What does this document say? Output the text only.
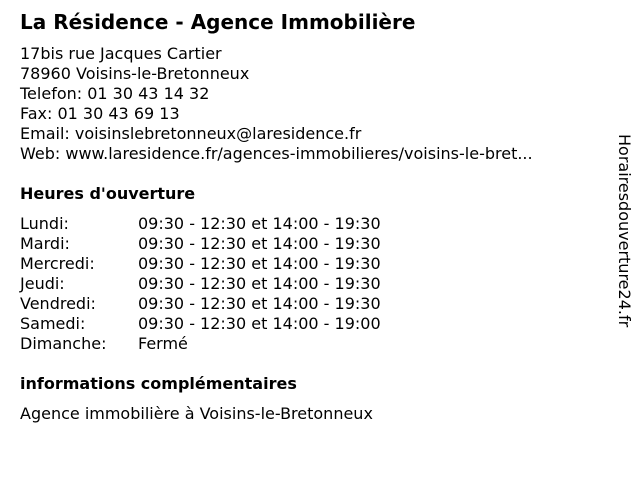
La Résidence - Agence Immobilière
17bis rue Jacques Cartier
78960 Voisins-le-Bretonneux
Telefon: 01 30 43 14 32
Fax: 01 30 43 69 13
Email: voisinslebretonneux@laresidence.fr
Web: www.laresidence.fr/agences-immobilieres/voisins-le-bret...
Heures d'ouverture
Lundi:	09:30 - 12:30 et 14:00 - 19:30
Mardi:	09:30 - 12:30 et 14:00 - 19:30
Mercredi:	09:30 - 12:30 et 14:00 - 19:30
Jeudi:	09:30 - 12:30 et 14:00 - 19:30
Vendredi:	09:30 - 12:30 et 14:00 - 19:30
Samedi:	09:30 - 12:30 et 14:00 - 19:00
Dimanche:	Fermé
informations complémentaires
Agence immobilière à Voisins-le-Bretonneux
Horairesdouverture24.fr
